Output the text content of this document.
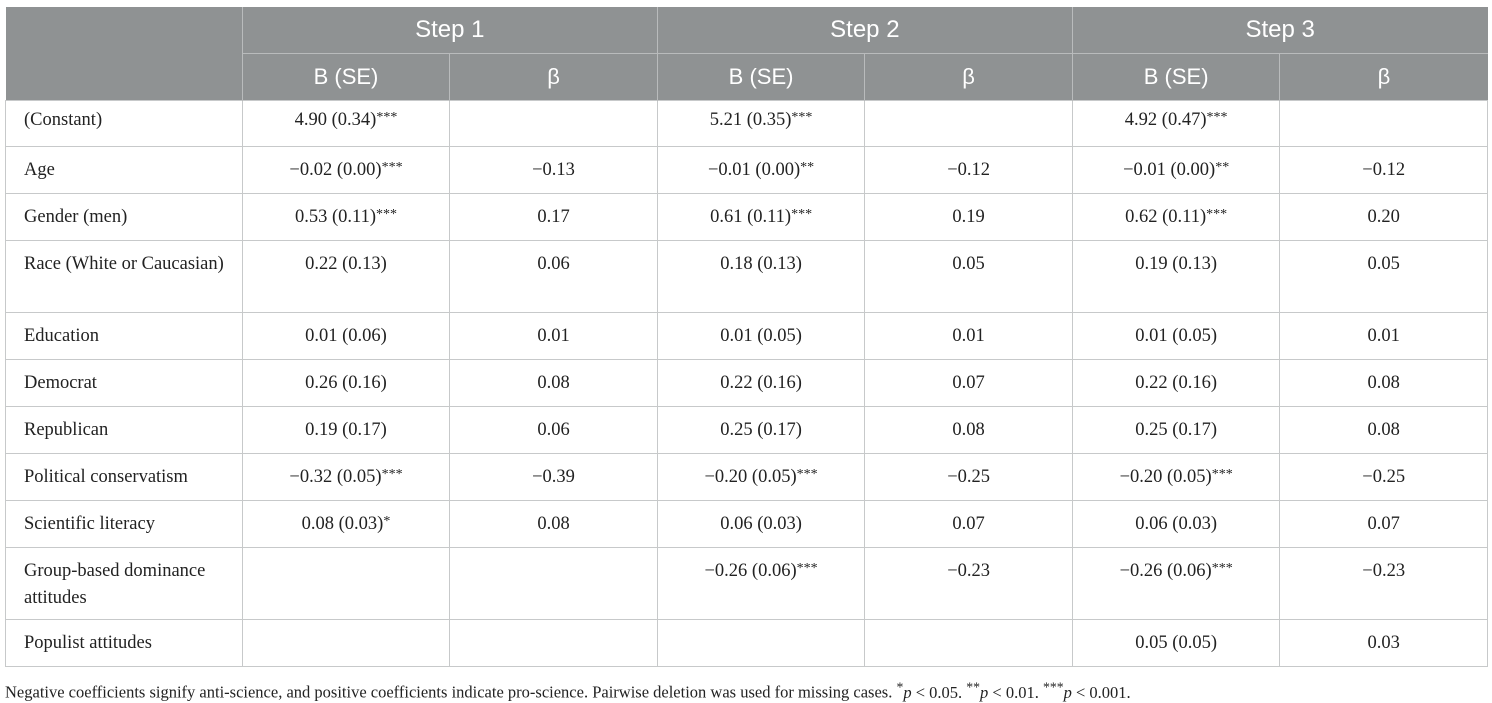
	Step 1		Step 2		Step 3	
	B (SE)	β	B (SE)	β	B (SE)	β
(Constant)	4.90 (0.34)***		5.21 (0.35)***		4.92 (0.47)***	
Age	−0.02 (0.00)***	−0.13	−0.01 (0.00)**	−0.12	−0.01 (0.00)**	−0.12
Gender (men)	0.53 (0.11)***	0.17	0.61 (0.11)***	0.19	0.62 (0.11)***	0.20
Race (White or Caucasian)	0.22 (0.13)	0.06	0.18 (0.13)	0.05	0.19 (0.13)	0.05
Education	0.01 (0.06)	0.01	0.01 (0.05)	0.01	0.01 (0.05)	0.01
Democrat	0.26 (0.16)	0.08	0.22 (0.16)	0.07	0.22 (0.16)	0.08
Republican	0.19 (0.17)	0.06	0.25 (0.17)	0.08	0.25 (0.17)	0.08
Political conservatism	−0.32 (0.05)***	−0.39	−0.20 (0.05)***	−0.25	−0.20 (0.05)***	−0.25
Scientific literacy	0.08 (0.03)*	0.08	0.06 (0.03)	0.07	0.06 (0.03)	0.07
Group-based dominance attitudes			−0.26 (0.06)***	−0.23	−0.26 (0.06)***	−0.23
Populist attitudes					0.05 (0.05)	0.03
Negative coefficients signify anti-science, and positive coefficients indicate pro-science. Pairwise deletion was used for missing cases. *p < 0.05. **p < 0.01. ***p < 0.001.
